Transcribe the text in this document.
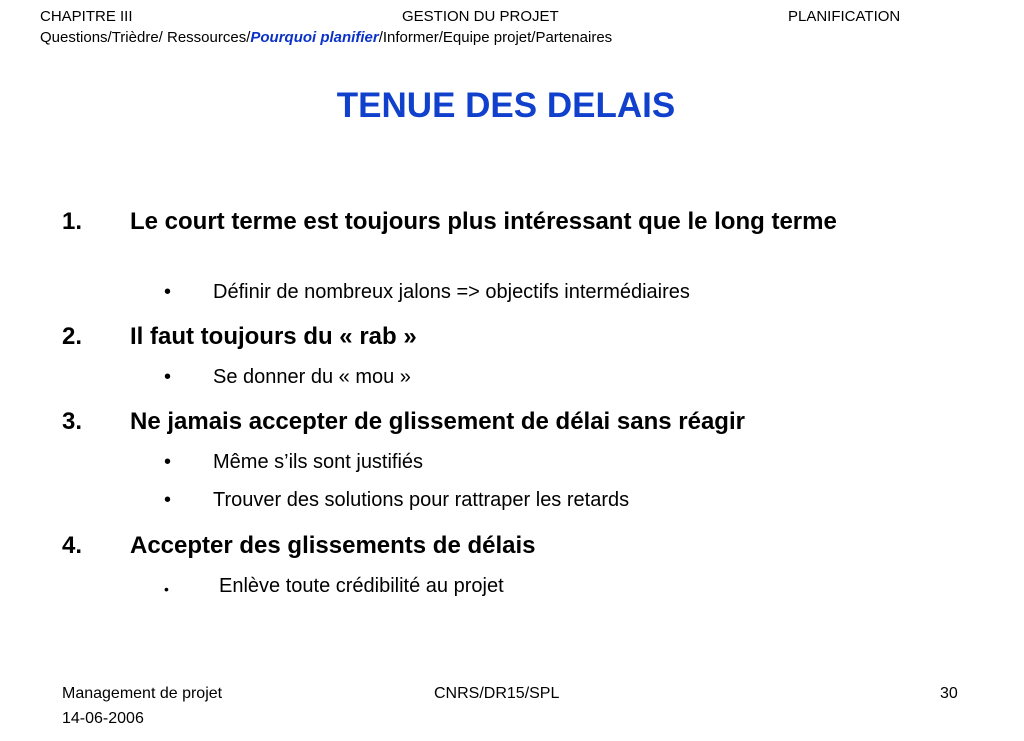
CHAPITRE III	GESTION DU PROJET	PLANIFICATION
Questions/Trièdre/ Ressources/Pourquoi planifier/Informer/Equipe projet/Partenaires
TENUE DES DELAIS
1. Le court terme est toujours plus intéressant que le long terme
• Définir de nombreux jalons => objectifs intermédiaires
2. Il faut toujours du « rab »
• Se donner du « mou »
3. Ne jamais accepter de glissement de délai sans réagir
• Même s’ils sont justifiés
• Trouver des solutions pour rattraper les retards
4. Accepter des glissements de délais
•	Enlève toute crédibilité au projet
Management de projet
14-06-2006
CNRS/DR15/SPL	30
